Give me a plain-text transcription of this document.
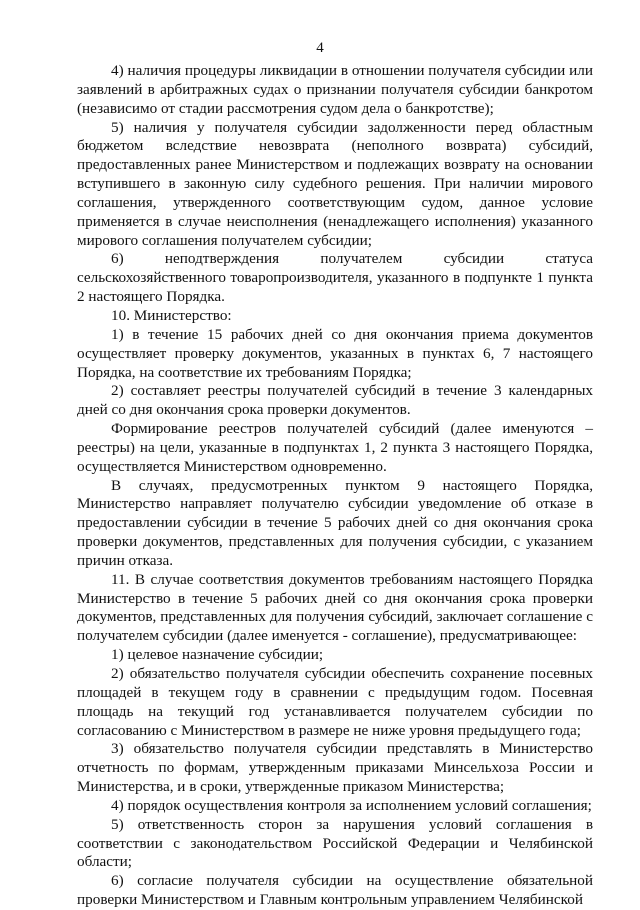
4

4) наличия процедуры ликвидации в отношении получателя субсидии или заявлений в арбитражных судах о признании получателя субсидии банкротом (независимо от стадии рассмотрения судом дела о банкротстве);

5) наличия у получателя субсидии задолженности перед областным бюджетом вследствие невозврата (неполного возврата) субсидий, предоставленных ранее Министерством и подлежащих возврату на основании вступившего в законную силу судебного решения. При наличии мирового соглашения, утвержденного соответствующим судом, данное условие применяется в случае неисполнения (ненадлежащего исполнения) указанного мирового соглашения получателем субсидии;

6) неподтверждения получателем субсидии статуса сельскохозяйственного товаропроизводителя, указанного в подпункте 1 пункта 2 настоящего Порядка.

10. Министерство:

1) в течение 15 рабочих дней со дня окончания приема документов осуществляет проверку документов, указанных в пунктах 6, 7 настоящего Порядка, на соответствие их требованиям Порядка;

2) составляет реестры получателей субсидий в течение 3 календарных дней со дня окончания срока проверки документов.

Формирование реестров получателей субсидий (далее именуются – реестры) на цели, указанные в подпунктах 1, 2 пункта 3 настоящего Порядка, осуществляется Министерством одновременно.

В случаях, предусмотренных пунктом 9 настоящего Порядка, Министерство направляет получателю субсидии уведомление об отказе в предоставлении субсидии в течение 5 рабочих дней со дня окончания срока проверки документов, представленных для получения субсидии, с указанием причин отказа.

11. В случае соответствия документов требованиям настоящего Порядка Министерство в течение 5 рабочих дней со дня окончания срока проверки документов, представленных для получения субсидий, заключает соглашение с получателем субсидии (далее именуется - соглашение), предусматривающее:

1) целевое назначение субсидии;

2) обязательство получателя субсидии обеспечить сохранение посевных площадей в текущем году в сравнении с предыдущим годом. Посевная площадь на текущий год устанавливается получателем субсидии по согласованию с Министерством в размере не ниже уровня предыдущего года;

3) обязательство получателя субсидии представлять в Министерство отчетность по формам, утвержденным приказами Минсельхоза России и Министерства, и в сроки, утвержденные приказом Министерства;

4) порядок осуществления контроля за исполнением условий соглашения;

5) ответственность сторон за нарушения условий соглашения в соответствии с законодательством Российской Федерации и Челябинской области;

6) согласие получателя субсидии на осуществление обязательной проверки Министерством и Главным контрольным управлением Челябинской
